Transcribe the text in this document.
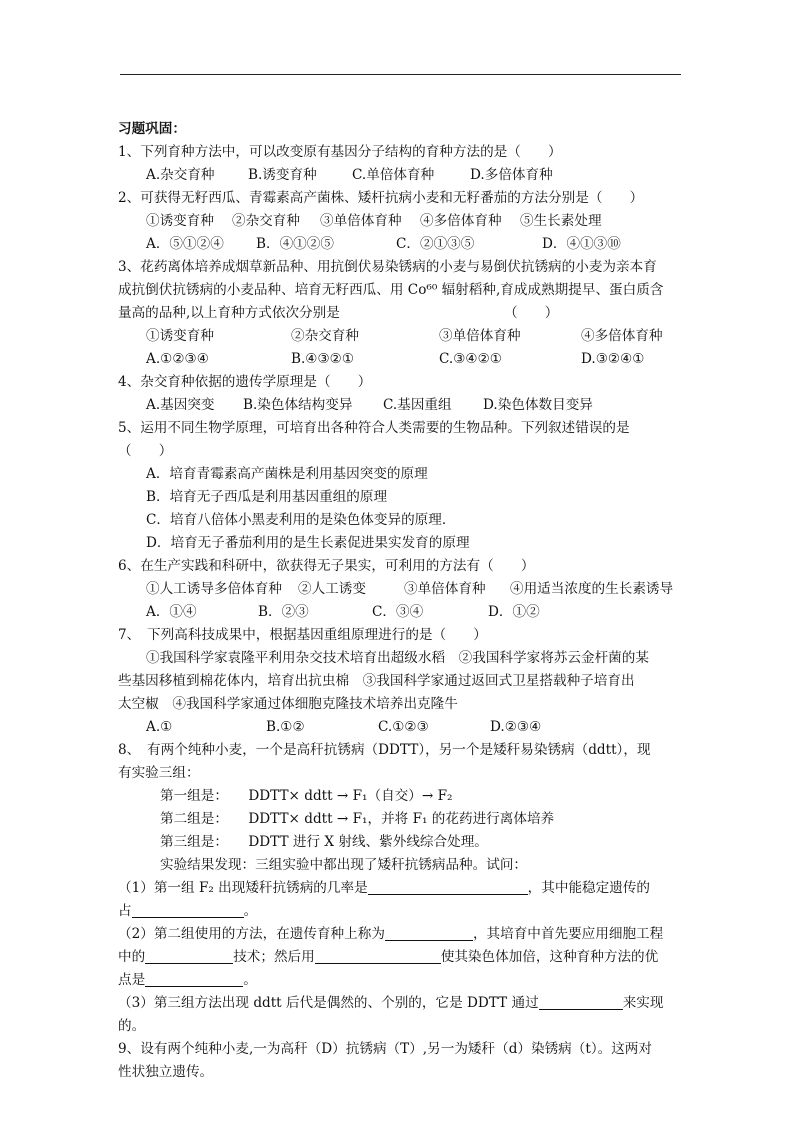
习题巩固：
1、下列育种方法中，可以改变原有基因分子结构的育种方法的是（　　）
A.杂交育种	B.诱变育种	C.单倍体育种	D.多倍体育种
2、可获得无籽西瓜、青霉素高产菌株、矮杆抗病小麦和无籽番茄的方法分别是（　　）
①诱变育种	②杂交育种	③单倍体育种	④多倍体育种	⑤生长素处理
A．⑤①②④	B．④①②⑤	C．②①③⑤	D．④①③⑩
3、花药离体培养成烟草新品种、用抗倒伏易染锈病的小麦与易倒伏抗锈病的小麦为亲本育
成抗倒伏抗锈病的小麦品种、培育无籽西瓜、用 Co⁶⁰ 辐射稻种,育成成熟期提早、蛋白质含
量高的品种,以上育种方式依次分别是	（　　）
①诱变育种	②杂交育种	③单倍体育种	④多倍体育种
A.①②③④	B.④③②①	C.③④②①	D.③②④①
4、杂交育种依据的遗传学原理是（　　）
A.基因突变	B.染色体结构变异	C.基因重组	D.染色体数目变异
5、运用不同生物学原理，可培育出各种符合人类需要的生物品种。下列叙述错误的是
（　　）
A．培育青霉素高产菌株是利用基因突变的原理
B．培育无子西瓜是利用基因重组的原理
C．培育八倍体小黑麦利用的是染色体变异的原理．
D．培育无子番茄利用的是生长素促进果实发育的原理
6、在生产实践和科研中，欲获得无子果实，可利用的方法有（　　）
①人工诱导多倍体育种	②人工诱变	③单倍体育种	④用适当浓度的生长素诱导
A．①④	B．②③	C．③④	D．①②
7、　下列高科技成果中，根据基因重组原理进行的是（　　）
①我国科学家袁隆平利用杂交技术培育出超级水稻　②我国科学家将苏云金杆菌的某
些基因移植到棉花体内，培育出抗虫棉　③我国科学家通过返回式卫星搭载种子培育出
太空椒　④我国科学家通过体细胞克隆技术培养出克隆牛
A.①	B.①②	C.①②③	D.②③④
8、　有两个纯种小麦，一个是高秆抗锈病（DDTT），另一个是矮秆易染锈病（ddtt），现
有实验三组：
第一组是：　　DDTT× ddtt → F₁（自交）→ F₂
第二组是：　　DDTT× ddtt → F₁，并将 F₁ 的花药进行离体培养
第三组是：　　DDTT 进行 X 射线、紫外线综合处理。
实验结果发现：三组实验中都出现了矮秆抗锈病品种。试问：
（1）第一组 F₂ 出现矮秆抗锈病的几率是	，其中能稳定遗传的
占	。
（2）第二组使用的方法，在遗传育种上称为	，其培育中首先要应用细胞工程
中的	技术；然后用	使其染色体加倍，这种育种方法的优
点是	。
（3）第三组方法出现 ddtt 后代是偶然的、个别的，它是 DDTT 通过	来实现
的。
9、设有两个纯种小麦,一为高秆（D）抗锈病（T）,另一为矮秆（d）染锈病（t）。这两对
性状独立遗传。
